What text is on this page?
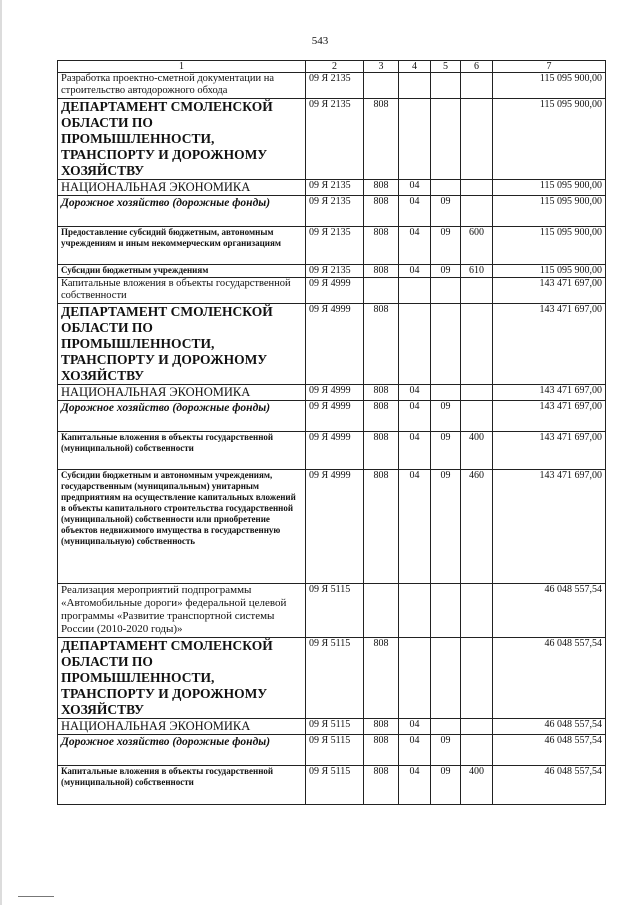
543
1	2	3	4	5	6	7
Разработка проектно-сметной документации на строительство автодорожного обхода	09 Я 2135					115 095 900,00
ДЕПАРТАМЕНТ СМОЛЕНСКОЙ ОБЛАСТИ ПО ПРОМЫШЛЕННОСТИ, ТРАНСПОРТУ И ДОРОЖНОМУ ХОЗЯЙСТВУ	09 Я 2135	808				115 095 900,00
НАЦИОНАЛЬНАЯ ЭКОНОМИКА	09 Я 2135	808	04			115 095 900,00
Дорожное хозяйство (дорожные фонды)	09 Я 2135	808	04	09		115 095 900,00
Предоставление субсидий бюджетным, автономным учреждениям и иным некоммерческим организациям	09 Я 2135	808	04	09	600	115 095 900,00
Субсидии бюджетным учреждениям	09 Я 2135	808	04	09	610	115 095 900,00
Капитальные вложения в объекты государственной собственности	09 Я 4999					143 471 697,00
ДЕПАРТАМЕНТ СМОЛЕНСКОЙ ОБЛАСТИ ПО ПРОМЫШЛЕННОСТИ, ТРАНСПОРТУ И ДОРОЖНОМУ ХОЗЯЙСТВУ	09 Я 4999	808				143 471 697,00
НАЦИОНАЛЬНАЯ ЭКОНОМИКА	09 Я 4999	808	04			143 471 697,00
Дорожное хозяйство (дорожные фонды)	09 Я 4999	808	04	09		143 471 697,00
Капитальные вложения в объекты государственной (муниципальной) собственности	09 Я 4999	808	04	09	400	143 471 697,00
Субсидии бюджетным и автономным учреждениям, государственным (муниципальным) унитарным предприятиям на осуществление капитальных вложений в объекты капитального строительства государственной (муниципальной) собственности или приобретение объектов недвижимого имущества в государственную (муниципальную) собственность	09 Я 4999	808	04	09	460	143 471 697,00
Реализация мероприятий подпрограммы «Автомобильные дороги» федеральной целевой программы «Развитие транспортной системы России (2010-2020 годы)»	09 Я 5115					46 048 557,54
ДЕПАРТАМЕНТ СМОЛЕНСКОЙ ОБЛАСТИ ПО ПРОМЫШЛЕННОСТИ, ТРАНСПОРТУ И ДОРОЖНОМУ ХОЗЯЙСТВУ	09 Я 5115	808				46 048 557,54
НАЦИОНАЛЬНАЯ ЭКОНОМИКА	09 Я 5115	808	04			46 048 557,54
Дорожное хозяйство (дорожные фонды)	09 Я 5115	808	04	09		46 048 557,54
Капитальные вложения в объекты государственной (муниципальной) собственности	09 Я 5115	808	04	09	400	46 048 557,54
